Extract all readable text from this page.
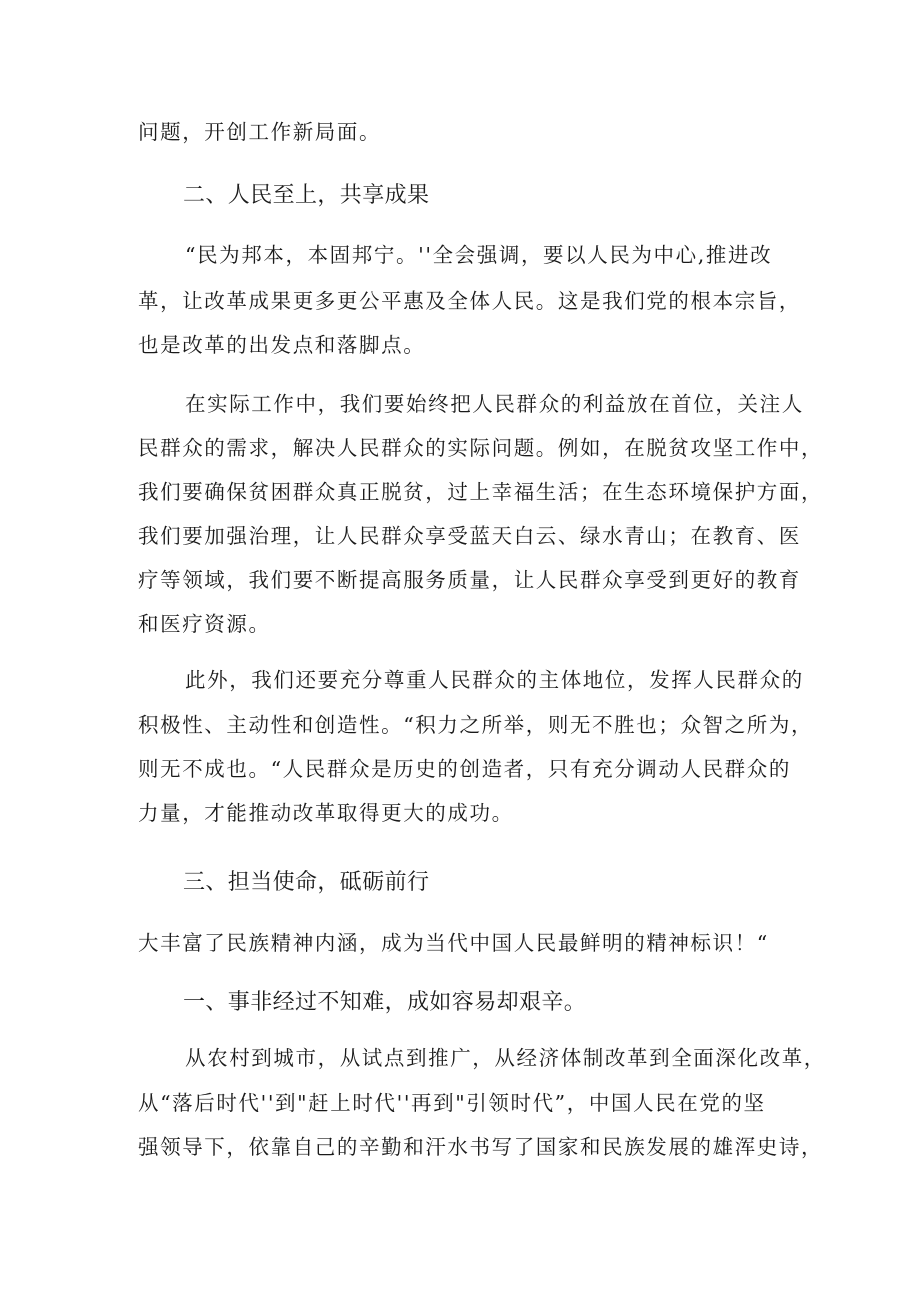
问题，开创工作新局面。

二、人民至上，共享成果

“民为邦本，本固邦宁。''全会强调，要以人民为中心,推进改

革，让改革成果更多更公平惠及全体人民。这是我们党的根本宗旨，

也是改革的出发点和落脚点。

在实际工作中，我们要始终把人民群众的利益放在首位，关注人

民群众的需求，解决人民群众的实际问题。例如，在脱贫攻坚工作中，

我们要确保贫困群众真正脱贫，过上幸福生活；在生态环境保护方面，

我们要加强治理，让人民群众享受蓝天白云、绿水青山；在教育、医

疗等领域，我们要不断提高服务质量，让人民群众享受到更好的教育

和医疗资源。

此外，我们还要充分尊重人民群众的主体地位，发挥人民群众的

积极性、主动性和创造性。“积力之所举，则无不胜也；众智之所为，

则无不成也。“人民群众是历史的创造者，只有充分调动人民群众的

力量，才能推动改革取得更大的成功。

三、担当使命，砥砺前行

大丰富了民族精神内涵，成为当代中国人民最鲜明的精神标识！“

一、事非经过不知难，成如容易却艰辛。

从农村到城市，从试点到推广，从经济体制改革到全面深化改革，

从“落后时代''到"赶上时代''再到"引领时代”，中国人民在党的坚

强领导下，依靠自己的辛勤和汗水书写了国家和民族发展的雄浑史诗，
